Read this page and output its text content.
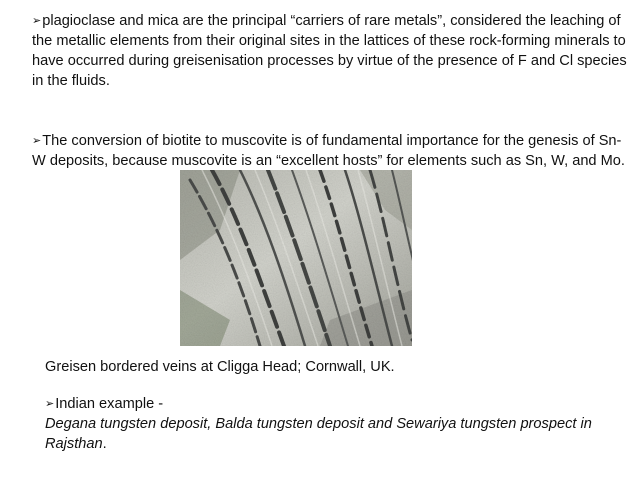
➢plagioclase and mica are the principal “carriers of rare metals”, considered the leaching of the metallic elements from their original sites in the lattices of these rock-forming minerals to have occurred during greisenisation processes by virtue of the presence of F and Cl species in the fluids.

➢The conversion of biotite to muscovite is of fundamental importance for the genesis of Sn-W deposits, because muscovite is an “excellent hosts” for elements such as Sn, W, and Mo.

Greisen bordered veins at Cligga Head; Cornwall, UK.

➢Indian example -
Degana tungsten deposit, Balda tungsten deposit and Sewariya tungsten prospect in Rajsthan.
